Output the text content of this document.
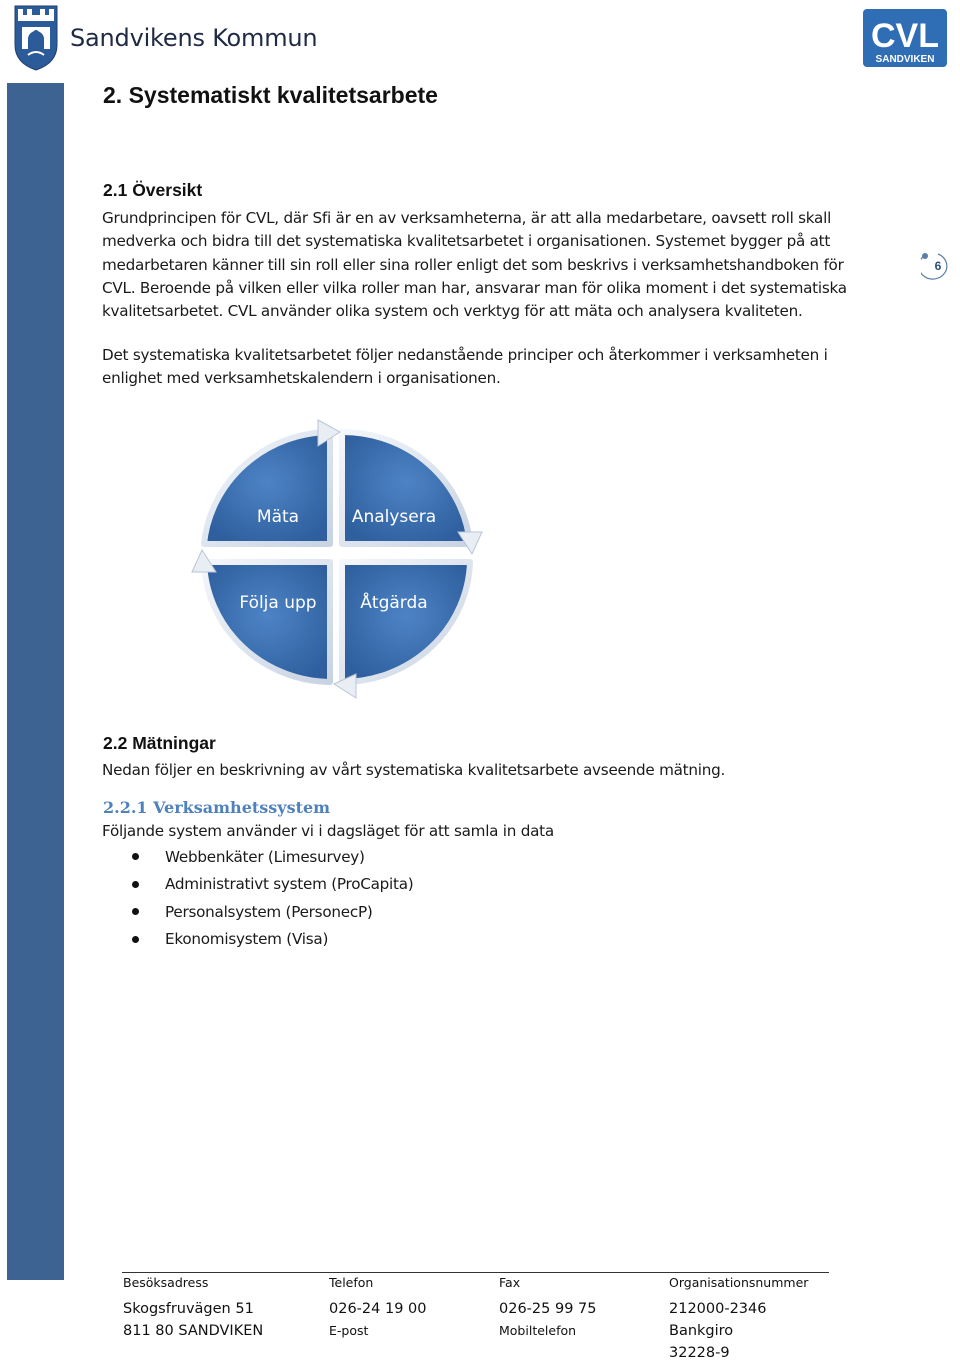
Sandvikens Kommun	CVL
SANDVIKEN
2. Systematiskt kvalitetsarbete
2.1 Översikt

Grundprincipen för CVL, där Sfi är en av verksamheterna, är att alla medarbetare, oavsett roll skall
medverka och bidra till det systematiska kvalitetsarbetet i organisationen. Systemet bygger på att
medarbetaren känner till sin roll eller sina roller enligt det som beskrivs i verksamhetshandboken för
CVL. Beroende på vilken eller vilka roller man har, ansvarar man för olika moment i det systematiska
kvalitetsarbetet. CVL använder olika system och verktyg för att mäta och analysera kvaliteten.

Det systematiska kvalitetsarbetet följer nedanstående principer och återkommer i verksamheten i
enlighet med verksamhetskalendern i organisationen.

6
Mäta	Analysera
Åtgärda
Följa upp
2.2 Mätningar

Nedan följer en beskrivning av vårt systematiska kvalitetsarbete avseende mätning.

2.2.1 Verksamhetssystem

Följande system använder vi i dagsläget för att samla in data

Webbenkäter (Limesurvey)
Administrativt system (ProCapita)
Personalsystem (PersonecP)
Ekonomisystem (Visa)
Besöksadress
Skogsfruvägen 51
811 80 SANDVIKEN
Telefon
026-24 19 00
E-post
Fax
026-25 99 75
Mobiltelefon
Organisationsnummer
212000-2346
Bankgiro
32228-9
